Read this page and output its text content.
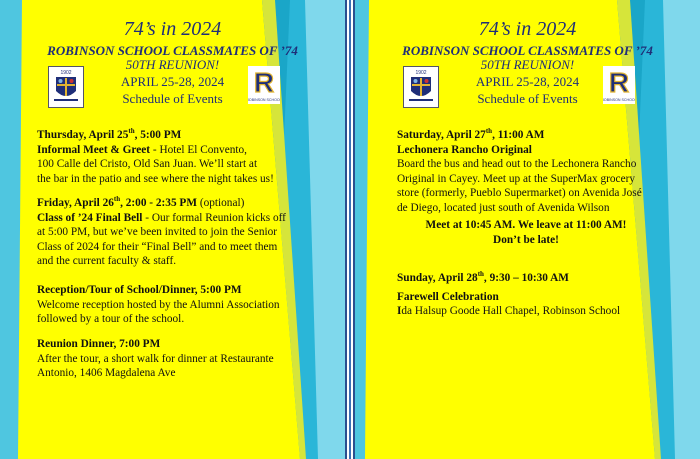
74’s in 2024
ROBINSON SCHOOL CLASSMATES OF ’74
50TH REUNION!
APRIL 25-28, 2024
Schedule of Events
1902	R
ROBINSON SCHOOL
Thursday, April 25th, 5:00 PM
Informal Meet & Greet - Hotel El Convento,
100 Calle del Cristo, Old San Juan. We’ll start at
the bar in the patio and see where the night takes us!
Friday, April 26th, 2:00 - 2:35 PM (optional)
Class of ’24 Final Bell - Our formal Reunion kicks off
at 5:00 PM, but we’ve been invited to join the Senior
Class of 2024 for their “Final Bell” and to meet them
and the current faculty & staff.
Reception/Tour of School/Dinner, 5:00 PM
Welcome reception hosted by the Alumni Association
followed by a tour of the school.
Reunion Dinner, 7:00 PM
After the tour, a short walk for dinner at Restaurante
Antonio, 1406 Magdalena Ave
74’s in 2024
ROBINSON SCHOOL CLASSMATES OF ’74
50TH REUNION!
APRIL 25-28, 2024
Schedule of Events
1902	R
ROBINSON SCHOOL
Saturday, April 27th, 11:00 AM
Lechonera Rancho Original
Board the bus and head out to the Lechonera Rancho
Original in Cayey. Meet up at the SuperMax grocery
store (formerly, Pueblo Supermarket) on Avenida José
de Diego, located just south of Avenida Wilson
Meet at 10:45 AM. We leave at 11:00 AM!
Don’t be late!
Sunday, April 28th, 9:30 – 10:30 AM

Farewell Celebration
Ida Halsup Goode Hall Chapel, Robinson School
